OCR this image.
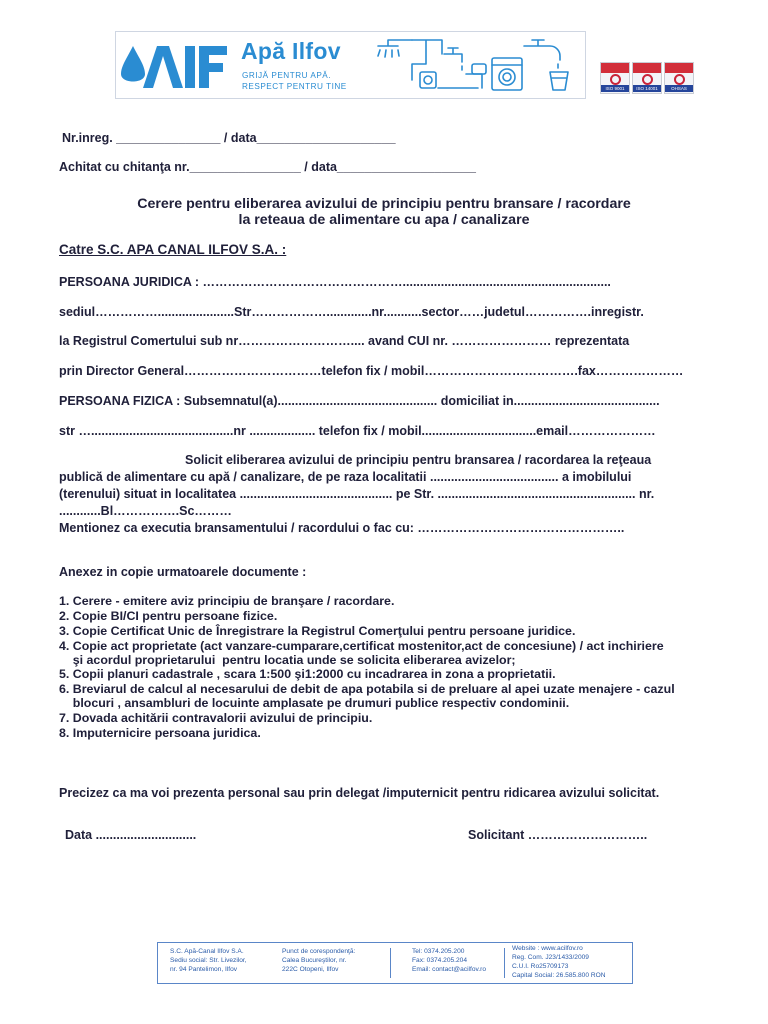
Apă Ilfov
GRIJĂ PENTRU APĂ.
RESPECT PENTRU TINE	ISO 9001	ISO 14001	OHSAS 18001
Nr.inreg. _______________ / data____________________
Achitat cu chitanţa nr.________________ / data____________________
Cerere pentru eliberarea avizului de principiu pentru bransare / racordare
la reteaua de alimentare cu apa / canalizare
Catre S.C. APA CANAL ILFOV S.A. :
PERSOANA JURIDICA : …………………………………………............................................................
sediul……………......................Str……………….............nr...........sector……judetul…………….inregistr.
la Registrul Comertului sub nr……………………….... avand CUI nr. …………………… reprezentata
prin Director General……………………………telefon fix / mobil……………………………….fax…………………
PERSOANA FIZICA : Subsemnatul(a).............................................. domiciliat in..........................................
str ….........................................nr ................... telefon fix / mobil.................................email…………………
Solicit eliberarea avizului de principiu pentru bransarea / racordarea la reţeaua
publică de alimentare cu apă / canalizare, de pe raza localitatii ..................................... a imobilului
(terenului) situat in localitatea ............................................ pe Str. ......................................................... nr.
............Bl…………….Sc………
Mentionez ca executia bransamentului / racordului o fac cu: …………………………………………..
Anexez in copie urmatoarele documente :
1. Cerere - emitere aviz principiu de branşare / racordare.
2. Copie BI/CI pentru persoane fizice.
3. Copie Certificat Unic de Înregistrare la Registrul Comerţului pentru persoane juridice.
4. Copie act proprietate (act vanzare-cumparare,certificat mostenitor,act de concesiune) / act inchiriere
şi acordul proprietarului  pentru locatia unde se solicita eliberarea avizelor;
5. Copii planuri cadastrale , scara 1:500 şi1:2000 cu incadrarea in zona a proprietatii.
6. Breviarul de calcul al necesarului de debit de apa potabila si de preluare al apei uzate menajere - cazul
blocuri , ansambluri de locuinte amplasate pe drumuri publice respectiv condominii.
7. Dovada achitării contravalorii avizului de principiu.
8. Imputernicire persoana juridica.
Precizez ca ma voi prezenta personal sau prin delegat /imputernicit pentru ridicarea avizului solicitat.
Data .............................	Solicitant ………………………..
S.C. Apă-Canal Ilfov S.A.
Sediu social: Str. Livezilor,
nr. 94 Pantelimon, Ilfov
Punct de corespondenţă:
Calea Bucureştilor, nr.
222C Otopeni, Ilfov
Tel: 0374.205.200
Fax: 0374.205.204
Email: contact@acilfov.ro
Website : www.acilfov.ro
Reg. Com. J23/1433/2009
C.U.I. Ro25709173
Capital Social: 26.585.800 RON
